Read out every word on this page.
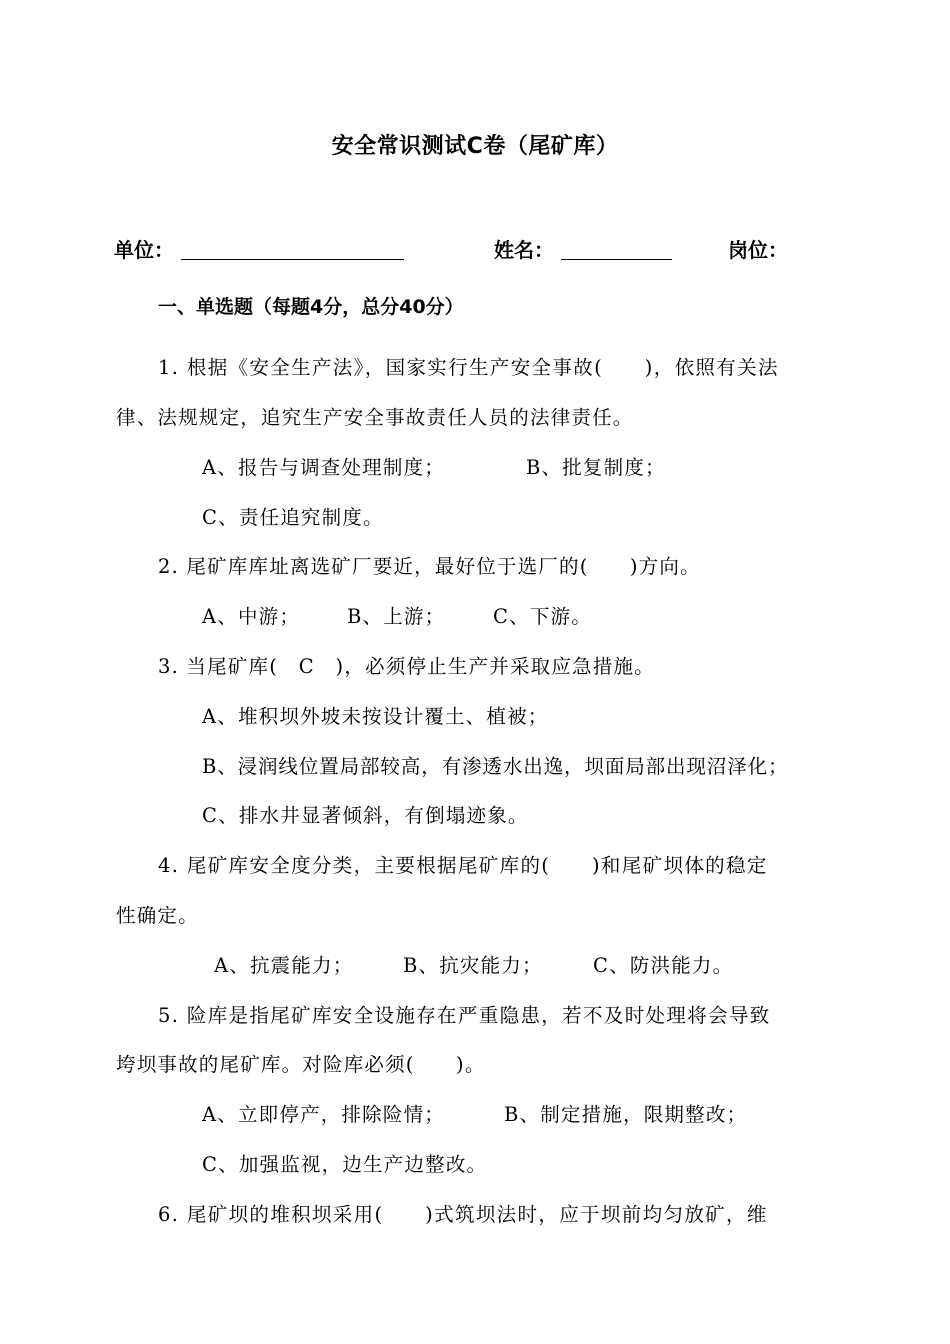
安全常识测试C卷（尾矿库）
单位：	姓名：	岗位：
一、单选题（每题4分，总分40分）
1. 根据《安全生产法》，国家实行生产安全事故(　　)，依照有关法
律、法规规定，追究生产安全事故责任人员的法律责任。
A、报告与调查处理制度；	B、批复制度；
C、责任追究制度。
2. 尾矿库库址离选矿厂要近，最好位于选厂的(　　)方向。
A、中游； B、上游； C、下游。
3. 当尾矿库(　C　)，必须停止生产并采取应急措施。
A、堆积坝外坡未按设计覆土、植被；
B、浸润线位置局部较高，有渗透水出逸，坝面局部出现沼泽化；
C、排水井显著倾斜，有倒塌迹象。
4. 尾矿库安全度分类，主要根据尾矿库的(　　)和尾矿坝体的稳定
性确定。
A、抗震能力；	B、抗灾能力；	C、防洪能力。
5. 险库是指尾矿库安全设施存在严重隐患，若不及时处理将会导致
垮坝事故的尾矿库。对险库必须(　　)。
A、立即停产，排除险情；	B、制定措施，限期整改；
C、加强监视，边生产边整改。
6. 尾矿坝的堆积坝采用(　　)式筑坝法时，应于坝前均匀放矿，维
